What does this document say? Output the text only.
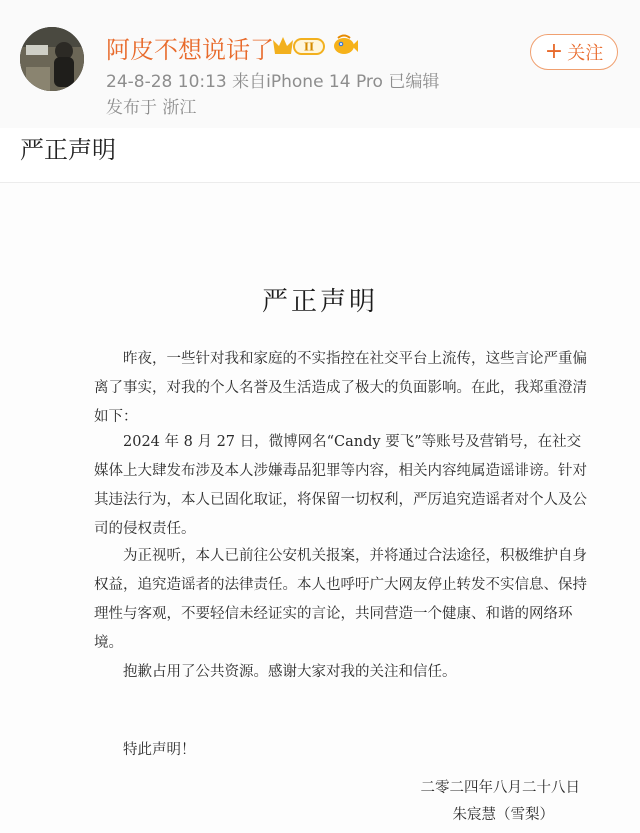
阿皮不想说话了	II
24-8-28 10:13 来自iPhone 14 Pro 已编辑
发布于 浙江
+ 关注
严正声明
严正声明
昨夜，一些针对我和家庭的不实指控在社交平台上流传，这些言论严重偏离了事实，对我的个人名誉及生活造成了极大的负面影响。在此，我郑重澄清如下：
2024 年 8 月 27 日，微博网名“Candy 要飞”等账号及营销号，在社交媒体上大肆发布涉及本人涉嫌毒品犯罪等内容，相关内容纯属造谣诽谤。针对其违法行为，本人已固化取证，将保留一切权利，严厉追究造谣者对个人及公司的侵权责任。
为正视听，本人已前往公安机关报案，并将通过合法途径，积极维护自身权益，追究造谣者的法律责任。本人也呼吁广大网友停止转发不实信息、保持理性与客观，不要轻信未经证实的言论，共同营造一个健康、和谐的网络环境。
抱歉占用了公共资源。感谢大家对我的关注和信任。
特此声明！
二零二四年八月二十八日
朱宸慧（雪梨）
